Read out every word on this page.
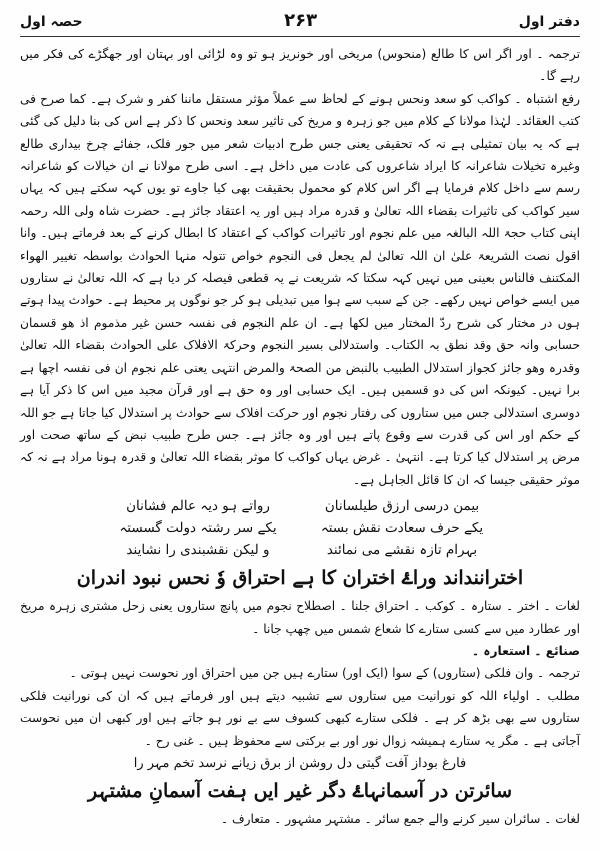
دفتر اول
۲۶۳
حصہ اول

ترجمہ ۔ اور اگر اس کا طالع (منحوس) مریخی اور خونریز ہو تو وہ لڑائی اور بہتان اور جھگڑے کی فکر میں رہے گا۔

رفع اشتباہ ۔ کواکب کو سعد ونحس ہونے کے لحاظ سے عملاً مؤثر مستقل ماننا کفر و شرک ہے۔ کما صرح فی کتب العقائد۔ لہٰذا مولانا کے کلام میں جو زہرہ و مریخ کی تاثیر سعد ونحس کا ذکر ہے اس کی بنا دلیل کی گئی ہے کہ یہ بیان تمثیلی ہے نہ کہ تحقیقی یعنی جس طرح ادبیات شعر میں جور فلک، جفائے چرخ بیداری طالع وغیرہ تخیلات شاعرانہ کا ایراد شاعروں کی عادت میں داخل ہے۔ اسی طرح مولانا نے ان خیالات کو شاعرانہ رسم سے داخل کلام فرمایا ہے اگر اس کلام کو محمول بحقیقت بھی کیا جاوے تو یوں کہہ سکتے ہیں کہ یہاں سیر کواکب کی تاثیرات بقضاء اللہ تعالیٰ و قدرہ مراد ہیں اور یہ اعتقاد جائز ہے۔ حضرت شاہ ولی اللہ رحمہ اپنی کتاب حجۃ اللہ البالغہ میں علم نجوم اور تاثیرات کواکب کے اعتقاد کا ابطال کرنے کے بعد فرماتے ہیں۔ وانا اقول نصت الشریعۃ علیٰ ان اللہ تعالیٰ لم یجعل فی النجوم خواص تتولہ منہا الحوادث بواسطہ تغییر الهواء المکتنف فالناس بعینی میں نہیں کہہ سکتا کہ شریعت نے یہ قطعی فیصلہ کر دیا ہے کہ اللہ تعالیٰ نے ستاروں میں ایسے خواص نہیں رکھے۔ جن کے سبب سے ہوا میں تبدیلی ہو کر جو نوگوں پر محیط ہے۔ حوادث پیدا ہوتے ہوں در مختار کی شرح ردّ المختار میں لکھا ہے۔ ان علم النجوم فی نفسہ حسن غیر مذموم اذ ھو قسمان حسابی وانہ حق وقد نطق بہ الکتاب۔ واستدلالی بسیر النجوم وحرکۃ الافلاک علی الحوادث بقضاء اللہ تعالیٰ وقدرہ وھو جائز کجواز استدلال الطبیب بالنبض من الصحۃ والمرض انتہی یعنی علم نجوم ان فی نفسہ اچھا ہے برا نہیں۔ کیونکہ اس کی دو قسمیں ہیں۔ ایک حسابی اور وہ حق ہے اور قرآن مجید میں اس کا ذکر آیا ہے دوسری استدلالی جس میں ستاروں کی رفتار نجوم اور حرکت افلاک سے حوادث پر استدلال کیا جاتا ہے جو اللہ کے حکم اور اس کی قدرت سے وقوع پاتے ہیں اور وہ جائز ہے۔ جس طرح طبیب نبض کے ساتھ صحت اور مرض پر استدلال کیا کرتا ہے۔ انتہیٰ ۔ غرض یہاں کواکب کا موثر بقضاء اللہ تعالیٰ و قدرہ ہونا مراد ہے نہ کہ موثر حقیقی جیسا کہ ان کا قائل الجاہل ہے۔

بیمن درسی ارزق طیلسانان
رواتے ہو دیہ عالم فشانان
یکے حرف سعادت نقش بستہ
یکے سر رشتہ دولت گسستہ
بہرام تازہ نقشے می نمائند
و لیکن نقشبندی را نشایند
اختراننداند وراۓ اختران کا ہے احتراق وٗ نحس نبود اندران

لغات ۔ اختر ۔ ستارہ ۔ کوکب ۔ احتراق جلنا ۔ اصطلاح نجوم میں پانچ ستاروں یعنی زحل مشتری زہرہ مریخ اور عطارد میں سے کسی ستارے کا شعاع شمس میں چھپ جانا ۔

صنائع ۔ استعارہ ۔

ترجمہ ۔ وان فلکی (ستاروں) کے سوا (ایک اور) ستارے ہیں جن میں احتراق اور نحوست نہیں ہوتی ۔

مطلب ۔ اولیاء اللہ کو نورانیت میں ستاروں سے تشبیہ دیتے ہیں اور فرماتے ہیں کہ ان کی نورانیت فلکی ستاروں سے بھی بڑھ کر ہے ۔ فلکی ستارے کبھی کسوف سے بے نور ہو جاتے ہیں اور کبھی ان میں نحوست آجاتی ہے ۔ مگر یہ ستارے ہمیشہ زوال نور اور بے برکتی سے محفوظ ہیں ۔ غنی رح ۔

فارغ بوداز آفت گیتی دل روشن از برق زیانے نرسد تخم مہر را
سائرتن در آسمانہاۓ دگر غیر ایں ہفت آسمانِ مشتہر

لغات ۔ سائران سیر کرنے والے جمع سائر ۔ مشتہر مشہور ۔ متعارف ۔
